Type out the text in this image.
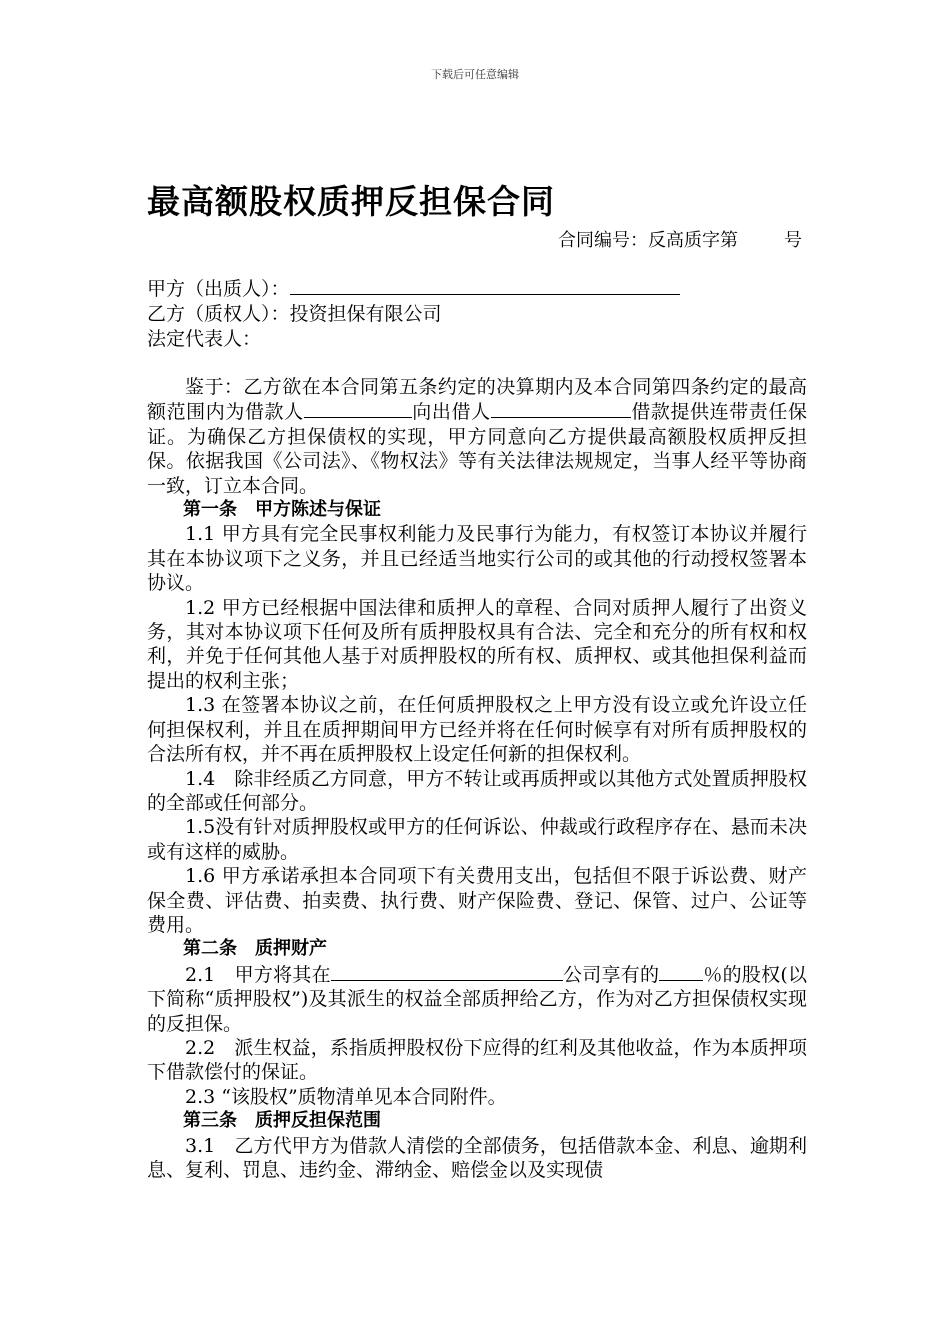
下载后可任意编辑
最高额股权质押反担保合同
合同编号：反高质字第	号
甲方（出质人）：
乙方（质权人）：投资担保有限公司
法定代表人：

鉴于：乙方欲在本合同第五条约定的决算期内及本合同第四条约定的最高额范围内为借款人	向出借人	借款提供连带责任保证。为确保乙方担保债权的实现，甲方同意向乙方提供最高额股权质押反担保。依据我国《公司法》、《物权法》等有关法律法规规定，当事人经平等协商一致，订立本合同。

第一条　甲方陈述与保证

1.1 甲方具有完全民事权利能力及民事行为能力，有权签订本协议并履行其在本协议项下之义务，并且已经适当地实行公司的或其他的行动授权签署本协议。

1.2 甲方已经根据中国法律和质押人的章程、合同对质押人履行了出资义务，其对本协议项下任何及所有质押股权具有合法、完全和充分的所有权和权利，并免于任何其他人基于对质押股权的所有权、质押权、或其他担保利益而提出的权利主张；

1.3 在签署本协议之前，在任何质押股权之上甲方没有设立或允许设立任何担保权利，并且在质押期间甲方已经并将在任何时候享有对所有质押股权的合法所有权，并不再在质押股权上设定任何新的担保权利。

1.4　除非经质乙方同意，甲方不转让或再质押或以其他方式处置质押股权的全部或任何部分。

1.5没有针对质押股权或甲方的任何诉讼、仲裁或行政程序存在、悬而未决或有这样的威胁。

1.6 甲方承诺承担本合同项下有关费用支出，包括但不限于诉讼费、财产保全费、评估费、拍卖费、执行费、财产保险费、登记、保管、过户、公证等费用。

第二条　质押财产

2.1　甲方将其在	公司享有的 ％的股权(以下简称“质押股权”)及其派生的权益全部质押给乙方，作为对乙方担保债权实现的反担保。

2.2　派生权益，系指质押股权份下应得的红利及其他收益，作为本质押项下借款偿付的保证。

2.3 “该股权”质物清单见本合同附件。

第三条　质押反担保范围

3.1　乙方代甲方为借款人清偿的全部债务，包括借款本金、利息、逾期利息、复利、罚息、违约金、滞纳金、赔偿金以及实现债
